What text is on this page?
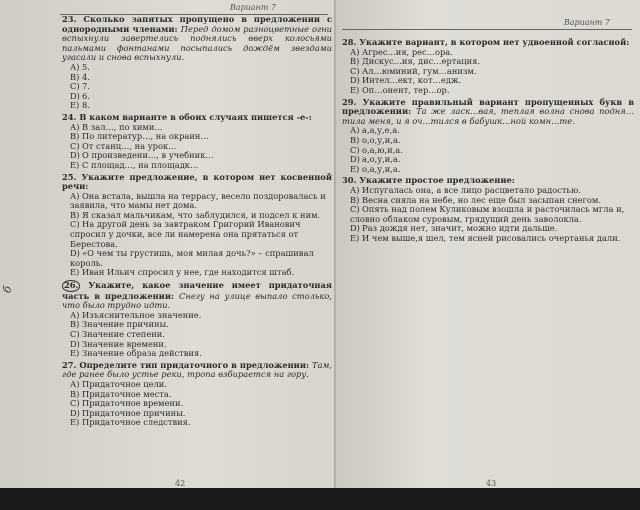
Вариант 7
23. Сколько запятых пропущено в предложении с однородными членами: Перед домом разноцветные огни вспыхнули завертелись поднялись вверх колосьями пальмами фонтанами посыпались дождём звездами угасали и снова вспыхнули.
А) 5.
В) 4.
С) 7.
D) 6.
Е) 8.
24. В каком варианте в обоих случаях пишется -е-:
А) В зал…, по хими…
В) По литератур…, на окраин…
С) От станц…, на урок…
D) О произведени…, в учебник…
Е) С площад…, на площадк…
25. Укажите предложение, в котором нет косвенной речи:
А) Она встала, вышла на террасу, весело поздоровалась и заявила, что мамы нет дома.
В) Я сказал мальчикам, что заблудился, и подсел к ним.
С) На другой день за завтраком Григорий Иванович спросил у дочки, все ли намерена она прятаться от Берестова.
D) «О чем ты грустишь, моя милая дочь?» – спрашивал король.
Е) Иван Ильич спросил у нее, где находится штаб.
26. Укажите, какое значение имеет придаточная часть в предложении: Снегу на улице выпало столько, что было трудно идти.
А) Изъяснительное значение.
В) Значение причины.
С) Значение степени.
D) Значение времени.
Е) Значение образа действия.
27. Определите тип придаточного в предложении: Там, где ранее было устье реки, тропа взбирается на гору.
А) Придаточное цели.
В) Придаточное места.
С) Придаточное времени.
D) Придаточное причины.
Е) Придаточное следствия.
42
б
Вариант 7
28. Укажите вариант, в котором нет удвоенной согласной:
А) Агрес…ия, рес…ора.
В) Дискус…ия, дис…ертация.
С) Ал…юминий, гум…анизм.
D) Интел…ект, кот…едж.
Е) Оп…онент, тер…ор.
29. Укажите правильный вариант пропущенных букв в предложении: Та же ласк…вая, теплая волна снова подня…тила меня, и я оч…тился в бабушк…ной комн…те.
А) а,а,у,е,а.
В) о,о,у,и,а.
С) о,а,ю,и,а.
D) а,о,у,и,а.
Е) о,а,у,и,а.
30. Укажите простое предложение:
А) Испугалась она, а все лицо расцветало радостью.
В) Весна сияла на небе, но лес еще был засыпан снегом.
С) Опять над полем Куликовым взошла и расточилась мгла и, словно облаком суровым, грядущий день заволокла.
D) Раз дождя нет, значит, можно идти дальше.
Е) И чем выше,я шел, тем ясней рисовались очертанья дали.
43
